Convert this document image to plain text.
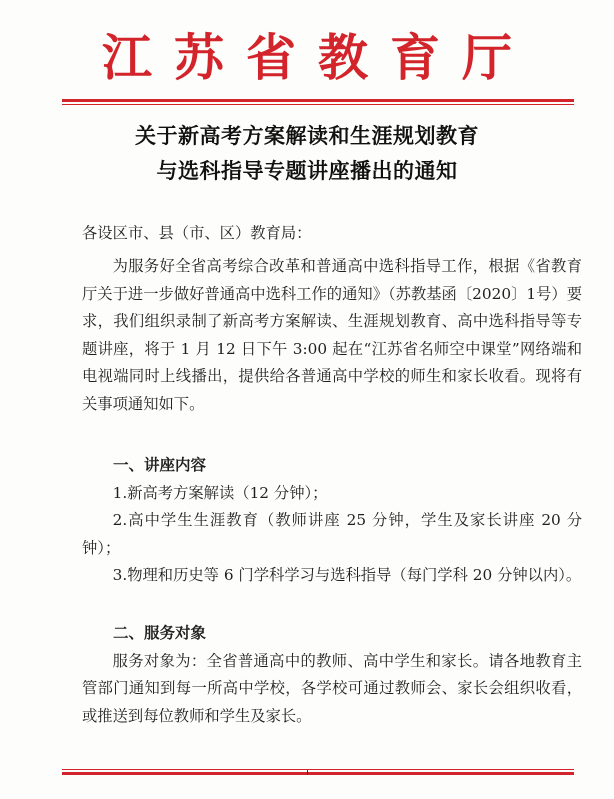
江苏省教育厅
关于新高考方案解读和生涯规划教育
与选科指导专题讲座播出的通知

各设区市、县（市、区）教育局：

为服务好全省高考综合改革和普通高中选科指导工作，根据《省教育厅关于进一步做好普通高中选科工作的通知》（苏教基函〔2020〕1号）要求，我们组织录制了新高考方案解读、生涯规划教育、高中选科指导等专题讲座，将于 1 月 12 日下午 3:00 起在“江苏省名师空中课堂”网络端和电视端同时上线播出，提供给各普通高中学校的师生和家长收看。现将有关事项通知如下。

一、讲座内容

1.新高考方案解读（12 分钟）；

2.高中学生生涯教育（教师讲座 25 分钟，学生及家长讲座 20 分钟）；

3.物理和历史等 6 门学科学习与选科指导（每门学科 20 分钟以内）。

二、服务对象

服务对象为：全省普通高中的教师、高中学生和家长。请各地教育主管部门通知到每一所高中学校，各学校可通过教师会、家长会组织收看，或推送到每位教师和学生及家长。
